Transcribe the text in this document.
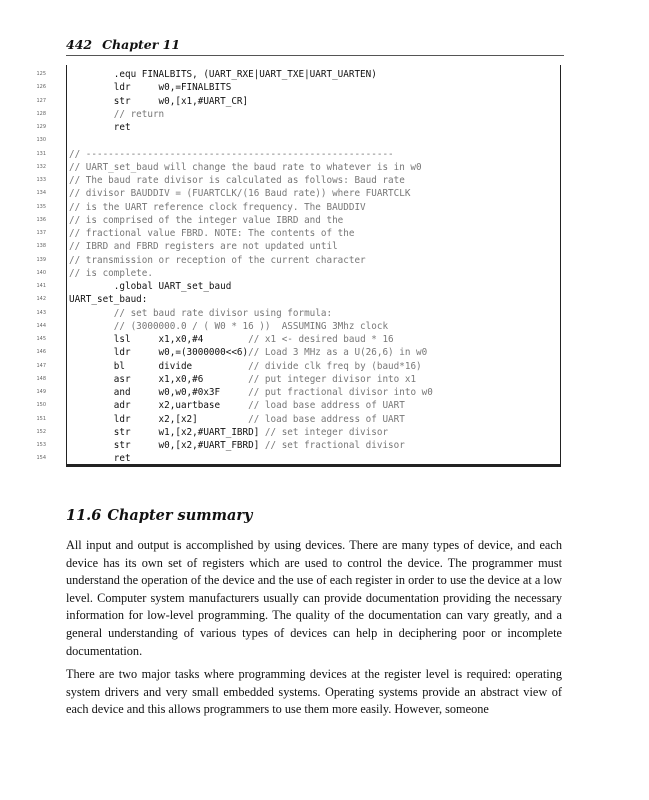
442 Chapter 11
125 .equ FINALBITS, (UART_RXE|UART_TXE|UART_UARTEN)
126 ldr     w0,=FINALBITS
127 str     w0,[x1,#UART_CR]
128	// return
129 ret
130
131 // -------------------------------------------------------
132 // UART_set_baud will change the baud rate to whatever is in w0
133 // The baud rate divisor is calculated as follows: Baud rate
134 // divisor BAUDDIV = (FUARTCLK/(16 Baud rate)) where FUARTCLK
135 // is the UART reference clock frequency. The BAUDDIV
136 // is comprised of the integer value IBRD and the
137 // fractional value FBRD. NOTE: The contents of the
138 // IBRD and FBRD registers are not updated until
139 // transmission or reception of the current character
140 // is complete.
141 .global UART_set_baud
142 UART_set_baud:
143	// set baud rate divisor using formula:
144	// (3000000.0 / ( W0 * 16 ))  ASSUMING 3Mhz clock
145 lsl     x1,x0,#4        // x1 <- desired baud * 16
146 ldr     w0,=(3000000<<6)// Load 3 MHz as a U(26,6) in w0
147 bl      divide          // divide clk freq by (baud*16)
148 asr     x1,x0,#6        // put integer divisor into x1
149 and     w0,w0,#0x3F     // put fractional divisor into w0
150 adr     x2,uartbase     // load base address of UART
151 ldr     x2,[x2]         // load base address of UART
152 str     w1,[x2,#UART_IBRD] // set integer divisor
153 str     w0,[x2,#UART_FBRD] // set fractional divisor
154 ret
11.6 Chapter summary

All input and output is accomplished by using devices. There are many types of device, and each device has its own set of registers which are used to control the device. The programmer must understand the operation of the device and the use of each register in order to use the device at a low level. Computer system manufacturers usually can provide documentation providing the necessary information for low-level programming. The quality of the documentation can vary greatly, and a general understanding of various types of devices can help in deciphering poor or incomplete documentation.

There are two major tasks where programming devices at the register level is required: operating system drivers and very small embedded systems. Operating systems provide an abstract view of each device and this allows programmers to use them more easily. However, someone
